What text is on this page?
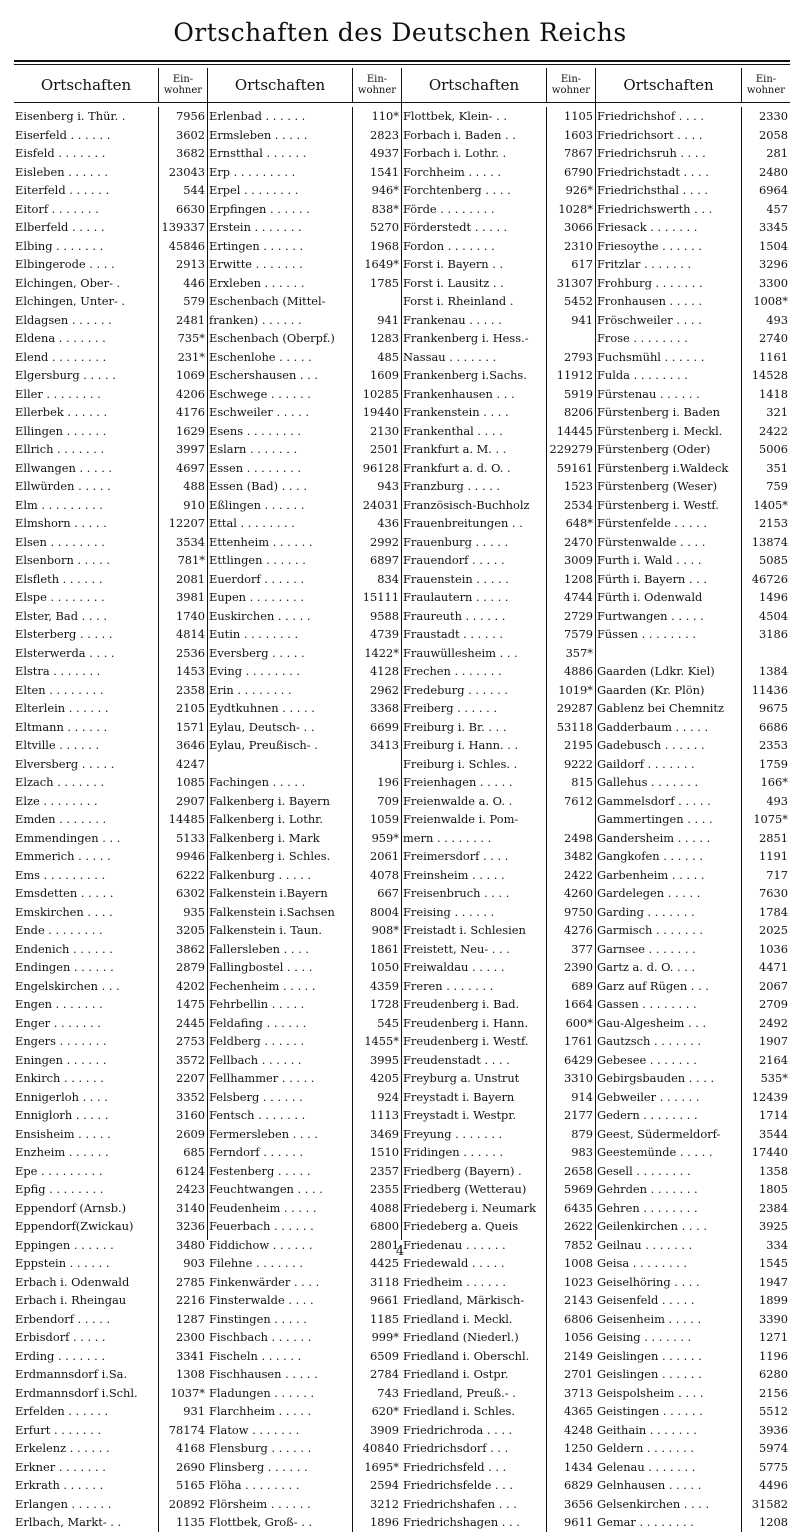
Ortschaften des Deutschen Reichs
Ortschaften	Ein-
wohner
Eisenberg i. Thür. .	7956
Eiserfeld . . . . . .	3602
Eisfeld . . . . . . .	3682
Eisleben . . . . . .	23043
Eiterfeld . . . . . .	544
Eitorf . . . . . . .	6630
Elberfeld . . . . .	139337
Elbing . . . . . . .	45846
Elbingerode . . . .	2913
Elchingen, Ober- .	446
Elchingen, Unter- .	579
Eldagsen . . . . . .	2481
Eldena . . . . . . .	735*
Elend . . . . . . . .	231*
Elgersburg . . . . .	1069
Eller . . . . . . . .	4206
Ellerbek . . . . . .	4176
Ellingen . . . . . .	1629
Ellrich . . . . . . .	3997
Ellwangen . . . . .	4697
Ellwürden . . . . .	488
Elm . . . . . . . . .	910
Elmshorn . . . . .	12207
Elsen . . . . . . . .	3534
Elsenborn . . . . .	781*
Elsfleth . . . . . .	2081
Elspe . . . . . . . .	3981
Elster, Bad . . . .	1740
Elsterberg . . . . .	4814
Elsterwerda . . . .	2536
Elstra . . . . . . .	1453
Elten . . . . . . . .	2358
Elterlein . . . . . .	2105
Eltmann . . . . . .	1571
Eltville . . . . . .	3646
Elversberg . . . . .	4247
Elzach . . . . . . .	1085
Elze . . . . . . . .	2907
Emden . . . . . . .	14485
Emmendingen . . .	5133
Emmerich . . . . .	9946
Ems . . . . . . . . .	6222
Emsdetten . . . . .	6302
Emskirchen . . . .	935
Ende . . . . . . . .	3205
Endenich . . . . . .	3862
Endingen . . . . . .	2879
Engelskirchen . . .	4202
Engen . . . . . . .	1475
Enger . . . . . . .	2445
Engers . . . . . . .	2753
Eningen . . . . . .	3572
Enkirch . . . . . .	2207
Ennigerloh . . . .	3352
Enniglorh . . . . .	3160
Ensisheim . . . . .	2609
Enzheim . . . . . .	685
Epe . . . . . . . . .	6124
Epfig . . . . . . . .	2423
Eppendorf (Arnsb.)	3140
Eppendorf(Zwickau)	3236
Eppingen . . . . . .	3480
Eppstein . . . . . .	903
Erbach i. Odenwald	2785
Erbach i. Rheingau	2216
Erbendorf . . . . .	1287
Erbisdorf . . . . .	2300
Erding . . . . . . .	3341
Erdmannsdorf i.Sa.	1308
Erdmannsdorf i.Schl.	1037*
Erfelden . . . . . .	931
Erfurt . . . . . . .	78174
Erkelenz . . . . . .	4168
Erkner . . . . . . .	2690
Erkrath . . . . . .	5165
Erlangen . . . . . .	20892
Erlbach, Markt- . .	1135
Ortschaften	Ein-
wohner
Erlenbad . . . . . .	110*
Ermsleben . . . . .	2823
Ernstthal . . . . . .	4937
Erp . . . . . . . . .	1541
Erpel . . . . . . . .	946*
Erpfingen . . . . . .	838*
Erstein . . . . . . .	5270
Ertingen . . . . . .	1968
Erwitte . . . . . . .	1649*
Erxleben . . . . . .	1785
Eschenbach (Mittel-
franken) . . . . . .	941
Eschenbach (Oberpf.)	1283
Eschenlohe . . . . .	485
Eschershausen . . .	1609
Eschwege . . . . . .	10285
Eschweiler . . . . .	19440
Esens . . . . . . . .	2130
Eslarn . . . . . . .	2501
Essen . . . . . . . .	96128
Essen (Bad) . . . .	943
Eßlingen . . . . . .	24031
Ettal . . . . . . . .	436
Ettenheim . . . . . .	2992
Ettlingen . . . . . .	6897
Euerdorf . . . . . .	834
Eupen . . . . . . . .	15111
Euskirchen . . . . .	9588
Eutin . . . . . . . .	4739
Eversberg . . . . .	1422*
Eving . . . . . . . .	4128
Erin . . . . . . . .	2962
Eydtkuhnen . . . . .	3368
Eylau, Deutsch- . .	6699
Eylau, Preußisch- .	3413
Fachingen . . . . .	196
Falkenberg i. Bayern	709
Falkenberg i. Lothr.	1059
Falkenberg i. Mark	959*
Falkenberg i. Schles.	2061
Falkenburg . . . . .	4078
Falkenstein i.Bayern	667
Falkenstein i.Sachsen	8004
Falkenstein i. Taun.	908*
Fallersleben . . . .	1861
Fallingbostel . . . .	1050
Fechenheim . . . . .	4359
Fehrbellin . . . . .	1728
Feldafing . . . . . .	545
Feldberg . . . . . .	1455*
Fellbach . . . . . .	3995
Fellhammer . . . . .	4205
Felsberg . . . . . .	924
Fentsch . . . . . . .	1113
Fermersleben . . . .	3469
Ferndorf . . . . . .	1510
Festenberg . . . . .	2357
Feuchtwangen . . . .	2355
Feudenheim . . . . .	4088
Feuerbach . . . . . .	6800
Fiddichow . . . . . .	2801
Filehne . . . . . . .	4425
Finkenwärder . . . .	3118
Finsterwalde . . . .	9661
Finstingen . . . . .	1185
Fischbach . . . . . .	999*
Fischeln . . . . . .	6509
Fischhausen . . . . .	2784
Fladungen . . . . . .	743
Flarchheim . . . . .	620*
Flatow . . . . . . .	3909
Flensburg . . . . . .	40840
Flinsberg . . . . . .	1695*
Flöha . . . . . . . .	2594
Flörsheim . . . . . .	3212
Flottbek, Groß- . .	1896
Ortschaften	Ein-
wohner
Flottbek, Klein- . .	1105
Forbach i. Baden . .	1603
Forbach i. Lothr. .	7867
Forchheim . . . . .	6790
Forchtenberg . . . .	926*
Förde . . . . . . . .	1028*
Förderstedt . . . . .	3066
Fordon . . . . . . .	2310
Forst i. Bayern . .	617
Forst i. Lausitz . .	31307
Forst i. Rheinland .	5452
Frankenau . . . . .	941
Frankenberg i. Hess.-
Nassau . . . . . . .	2793
Frankenberg i.Sachs.	11912
Frankenhausen . . .	5919
Frankenstein . . . .	8206
Frankenthal . . . .	14445
Frankfurt a. M. . .	229279
Frankfurt a. d. O. .	59161
Franzburg . . . . .	1523
Französisch-Buchholz	2534
Frauenbreitungen . .	648*
Frauenburg . . . . .	2470
Frauendorf . . . . .	3009
Frauenstein . . . . .	1208
Fraulautern . . . . .	4744
Fraureuth . . . . . .	2729
Fraustadt . . . . . .	7579
Frauwüllesheim . . .	357*
Frechen . . . . . . .	4886
Fredeburg . . . . . .	1019*
Freiberg . . . . . .	29287
Freiburg i. Br. . . .	53118
Freiburg i. Hann. . .	2195
Freiburg i. Schles. .	9222
Freienhagen . . . . .	815
Freienwalde a. O. .	7612
Freienwalde i. Pom-
mern . . . . . . . .	2498
Freimersdorf . . . .	3482
Freinsheim . . . . .	2422
Freisenbruch . . . .	4260
Freising . . . . . .	9750
Freistadt i. Schlesien	4276
Freistett, Neu- . . .	377
Freiwaldau . . . . .	2390
Freren . . . . . . .	689
Freudenberg i. Bad.	1664
Freudenberg i. Hann.	600*
Freudenberg i. Westf.	1761
Freudenstadt . . . .	6429
Freyburg a. Unstrut	3310
Freystadt i. Bayern	914
Freystadt i. Westpr.	2177
Freyung . . . . . . .	879
Fridingen . . . . . .	983
Friedberg (Bayern) .	2658
Friedberg (Wetterau)	5969
Friedeberg i. Neumark	6435
Friedeberg a. Queis	2622
Friedenau . . . . . .	7852
Friedewald . . . . .	1008
Friedheim . . . . . .	1023
Friedland, Märkisch-	2143
Friedland i. Meckl.	6806
Friedland (Niederl.)	1056
Friedland i. Oberschl.	2149
Friedland i. Ostpr.	2701
Friedland, Preuß.- .	3713
Friedland i. Schles.	4365
Friedrichroda . . . .	4248
Friedrichsdorf . . .	1250
Friedrichsfeld . . .	1434
Friedrichsfelde . . .	6829
Friedrichshafen . . .	3656
Friedrichshagen . . .	9611
Ortschaften	Ein-
wohner
Friedrichshof . . . .	2330
Friedrichsort . . . .	2058
Friedrichsruh . . . .	281
Friedrichstadt . . . .	2480
Friedrichsthal . . . .	6964
Friedrichswerth . . .	457
Friesack . . . . . . .	3345
Friesoythe . . . . . .	1504
Fritzlar . . . . . . .	3296
Frohburg . . . . . . .	3300
Fronhausen . . . . .	1008*
Fröschweiler . . . .	493
Frose . . . . . . . .	2740
Fuchsmühl . . . . . .	1161
Fulda . . . . . . . .	14528
Fürstenau . . . . . .	1418
Fürstenberg i. Baden	321
Fürstenberg i. Meckl.	2422
Fürstenberg (Oder)	5006
Fürstenberg i.Waldeck	351
Fürstenberg (Weser)	759
Fürstenberg i. Westf.	1405*
Fürstenfelde . . . . .	2153
Fürstenwalde . . . .	13874
Furth i. Wald . . . .	5085
Fürth i. Bayern . . .	46726
Fürth i. Odenwald	1496
Furtwangen . . . . .	4504
Füssen . . . . . . . .	3186
Gaarden (Ldkr. Kiel)	1384
Gaarden (Kr. Plön)	11436
Gablenz bei Chemnitz	9675
Gadderbaum . . . . .	6686
Gadebusch . . . . . .	2353
Gaildorf . . . . . . .	1759
Gallehus . . . . . . .	166*
Gammelsdorf . . . . .	493
Gammertingen . . . .	1075*
Gandersheim . . . . .	2851
Gangkofen . . . . . .	1191
Garbenheim . . . . .	717
Gardelegen . . . . .	7630
Garding . . . . . . .	1784
Garmisch . . . . . . .	2025
Garnsee . . . . . . .	1036
Gartz a. d. O. . . .	4471
Garz auf Rügen . . .	2067
Gassen . . . . . . . .	2709
Gau-Algesheim . . .	2492
Gautzsch . . . . . . .	1907
Gebesee . . . . . . .	2164
Gebirgsbauden . . . .	535*
Gebweiler . . . . . .	12439
Gedern . . . . . . . .	1714
Geest, Südermeldorf-	3544
Geestemünde . . . . .	17440
Gesell . . . . . . . .	1358
Gehrden . . . . . . .	1805
Gehren . . . . . . . .	2384
Geilenkirchen . . . .	3925
Geilnau . . . . . . .	334
Geisa . . . . . . . .	1545
Geiselhöring . . . .	1947
Geisenfeld . . . . .	1899
Geisenheim . . . . .	3390
Geising . . . . . . .	1271
Geislingen . . . . . .	1196
Geislingen . . . . . .	6280
Geispolsheim . . . .	2156
Geistingen . . . . . .	5512
Geithain . . . . . . .	3936
Geldern . . . . . . .	5974
Gelenau . . . . . . .	5775
Gelnhausen . . . . .	4496
Gelsenkirchen . . . .	31582
Gemar . . . . . . . .	1208
4
